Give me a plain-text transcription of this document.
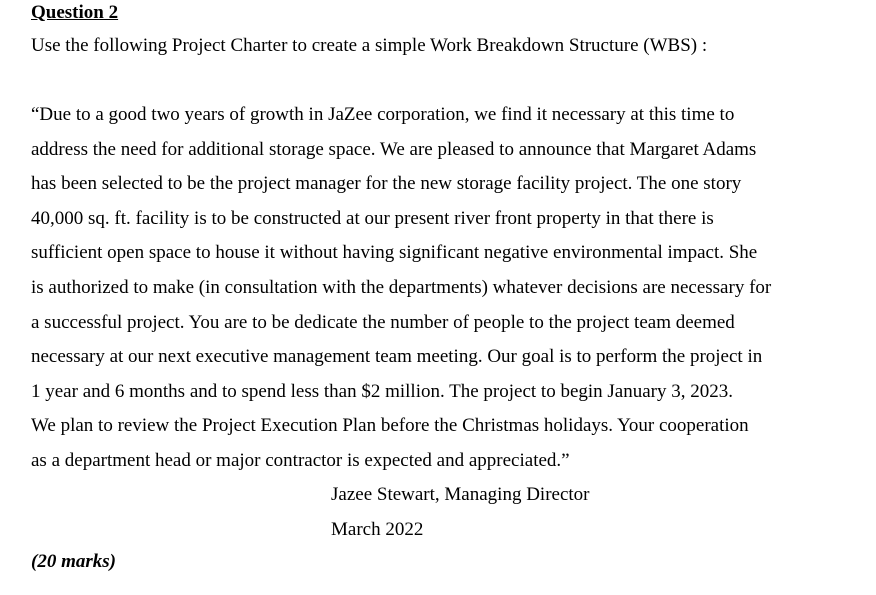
Question 2
Use the following Project Charter to create a simple Work Breakdown Structure (WBS) :
“Due to a good two years of growth in JaZee corporation, we find it necessary at this time to
address the need for additional storage space. We are pleased to announce that Margaret Adams
has been selected to be the project manager for the new storage facility project. The one story
40,000 sq. ft. facility is to be constructed at our present river front property in that there is
sufficient open space to house it without having significant negative environmental impact. She
is authorized to make (in consultation with the departments) whatever decisions are necessary for
a successful project. You are to be dedicate the number of people to the project team deemed
necessary at our next executive management team meeting. Our goal is to perform the project in
1 year and 6 months and to spend less than $2 million. The project to begin January 3, 2023.
We plan to review the Project Execution Plan before the Christmas holidays. Your cooperation
as a department head or major contractor is expected and appreciated.”
Jazee Stewart, Managing Director
March 2022
(20 marks)
